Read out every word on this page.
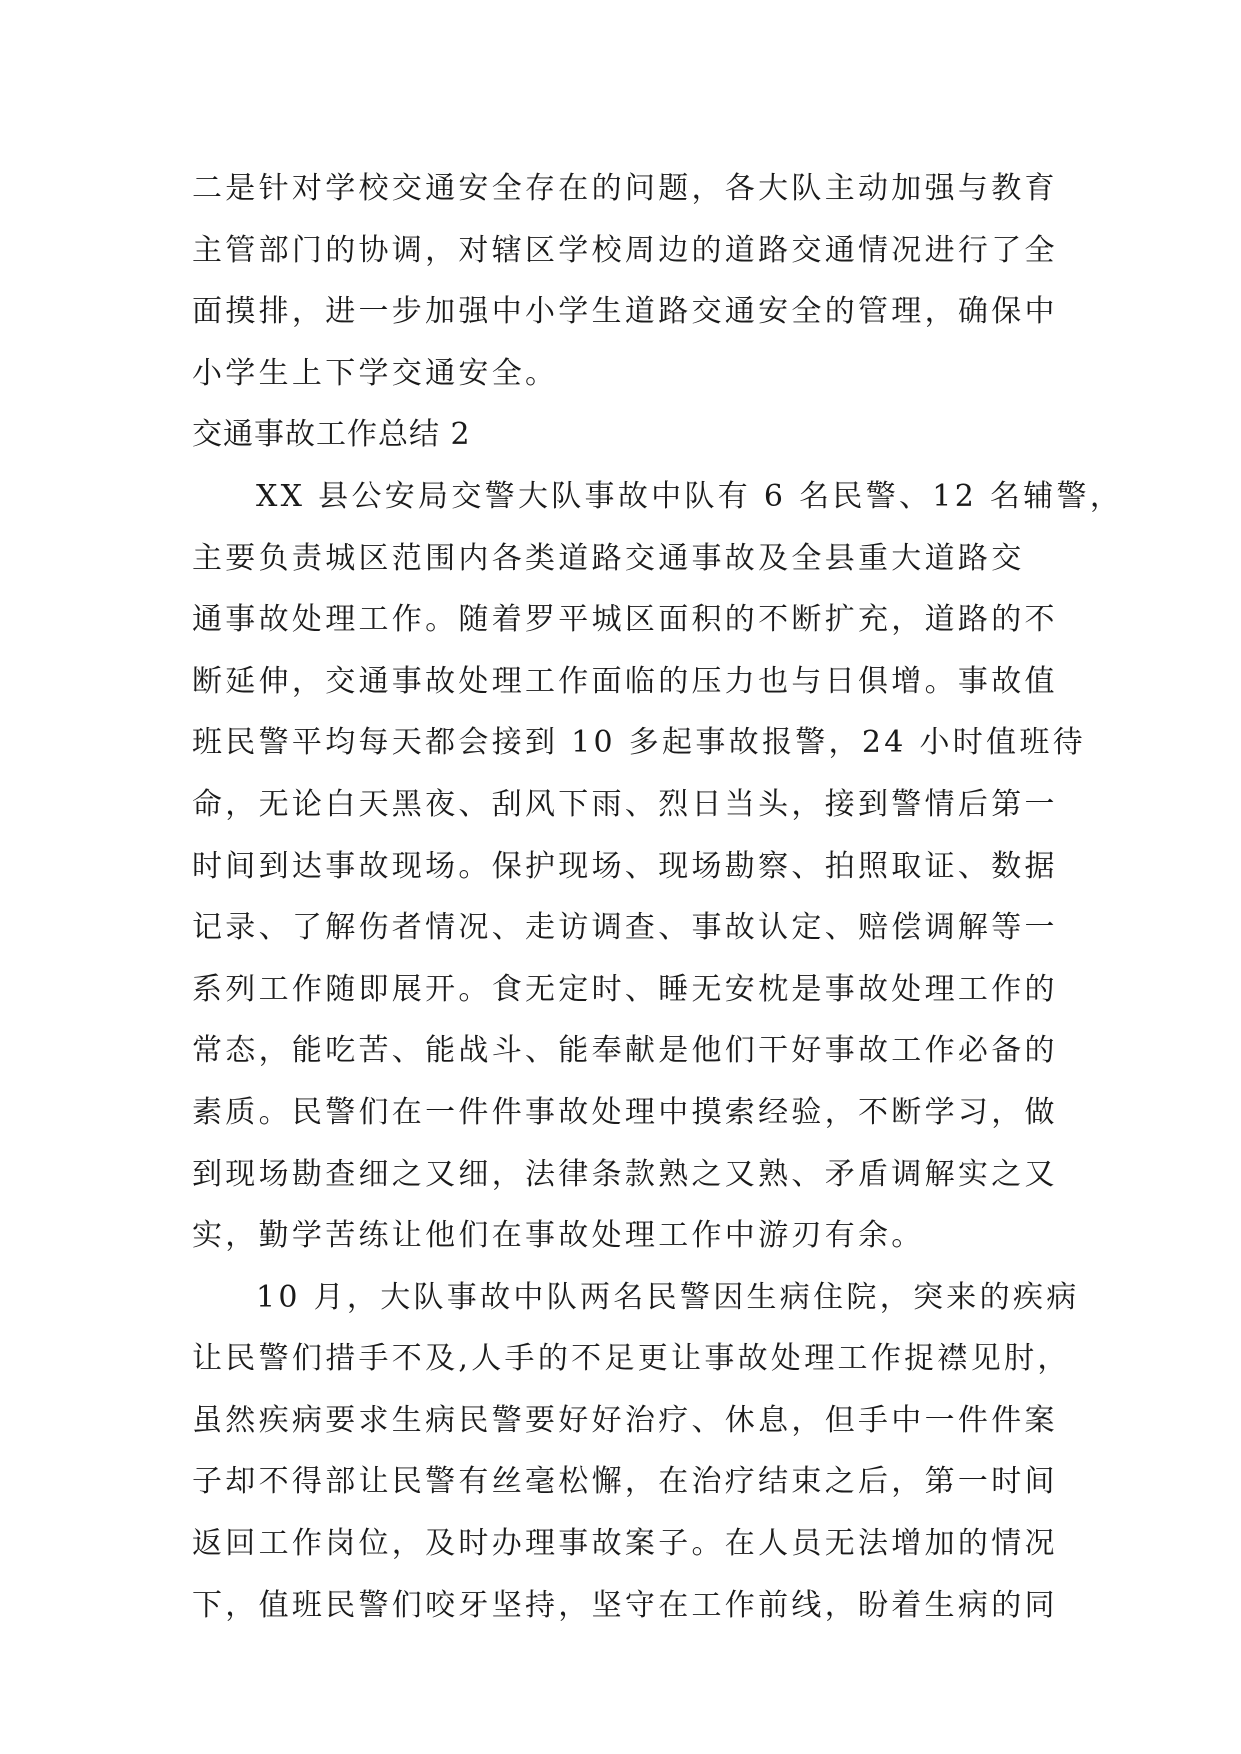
二是针对学校交通安全存在的问题，各大队主动加强与教育
主管部门的协调，对辖区学校周边的道路交通情况进行了全
面摸排，进一步加强中小学生道路交通安全的管理，确保中
小学生上下学交通安全。
交通事故工作总结 2
XX 县公安局交警大队事故中队有 6 名民警、12 名辅警，
主要负责城区范围内各类道路交通事故及全县重大道路交
通事故处理工作。随着罗平城区面积的不断扩充，道路的不
断延伸，交通事故处理工作面临的压力也与日俱增。事故值
班民警平均每天都会接到 10 多起事故报警，24 小时值班待
命，无论白天黑夜、刮风下雨、烈日当头，接到警情后第一
时间到达事故现场。保护现场、现场勘察、拍照取证、数据
记录、了解伤者情况、走访调查、事故认定、赔偿调解等一
系列工作随即展开。食无定时、睡无安枕是事故处理工作的
常态，能吃苦、能战斗、能奉献是他们干好事故工作必备的
素质。民警们在一件件事故处理中摸索经验，不断学习，做
到现场勘查细之又细，法律条款熟之又熟、矛盾调解实之又
实，勤学苦练让他们在事故处理工作中游刃有余。
10 月，大队事故中队两名民警因生病住院，突来的疾病
让民警们措手不及,人手的不足更让事故处理工作捉襟见肘，
虽然疾病要求生病民警要好好治疗、休息，但手中一件件案
子却不得部让民警有丝毫松懈，在治疗结束之后，第一时间
返回工作岗位，及时办理事故案子。在人员无法增加的情况
下，值班民警们咬牙坚持，坚守在工作前线，盼着生病的同
